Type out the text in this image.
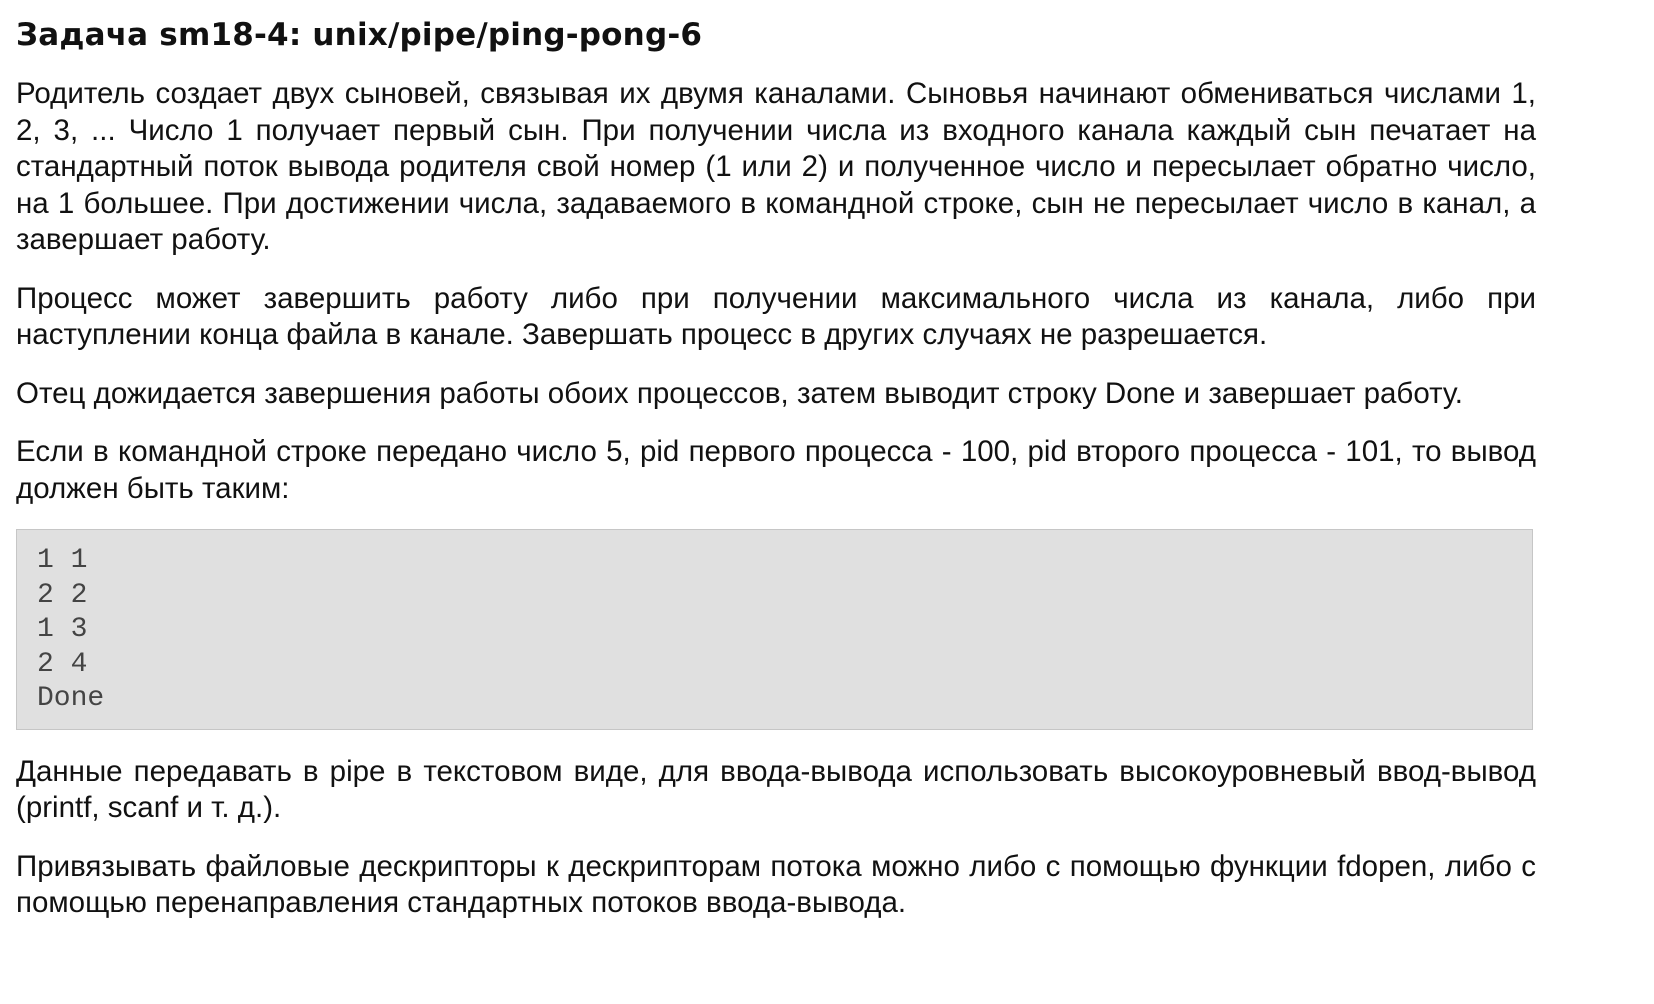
Задача sm18-4: unix/pipe/ping-pong-6

Родитель создает двух сыновей, связывая их двумя каналами. Сыновья начинают обмениваться числами 1, 2, 3, ... Число 1 получает первый сын. При получении числа из входного канала каждый сын печатает на стандартный поток вывода родителя свой номер (1 или 2) и полученное число и пересылает обратно число, на 1 большее. При достижении числа, задаваемого в командной строке, сын не пересылает число в канал, а завершает работу.

Процесс может завершить работу либо при получении максимального числа из канала, либо при наступлении конца файла в канале. Завершать процесс в других случаях не разрешается.

Отец дожидается завершения работы обоих процессов, затем выводит строку Done и завершает работу.

Если в командной строке передано число 5, pid первого процесса - 100, pid второго процесса - 101, то вывод должен быть таким:

1 1
2 2
1 3
2 4
Done

Данные передавать в pipe в текстовом виде, для ввода-вывода использовать высокоуровневый ввод-вывод (printf, scanf и т. д.).

Привязывать файловые дескрипторы к дескрипторам потока можно либо с помощью функции fdopen, либо с помощью перенаправления стандартных потоков ввода-вывода.
